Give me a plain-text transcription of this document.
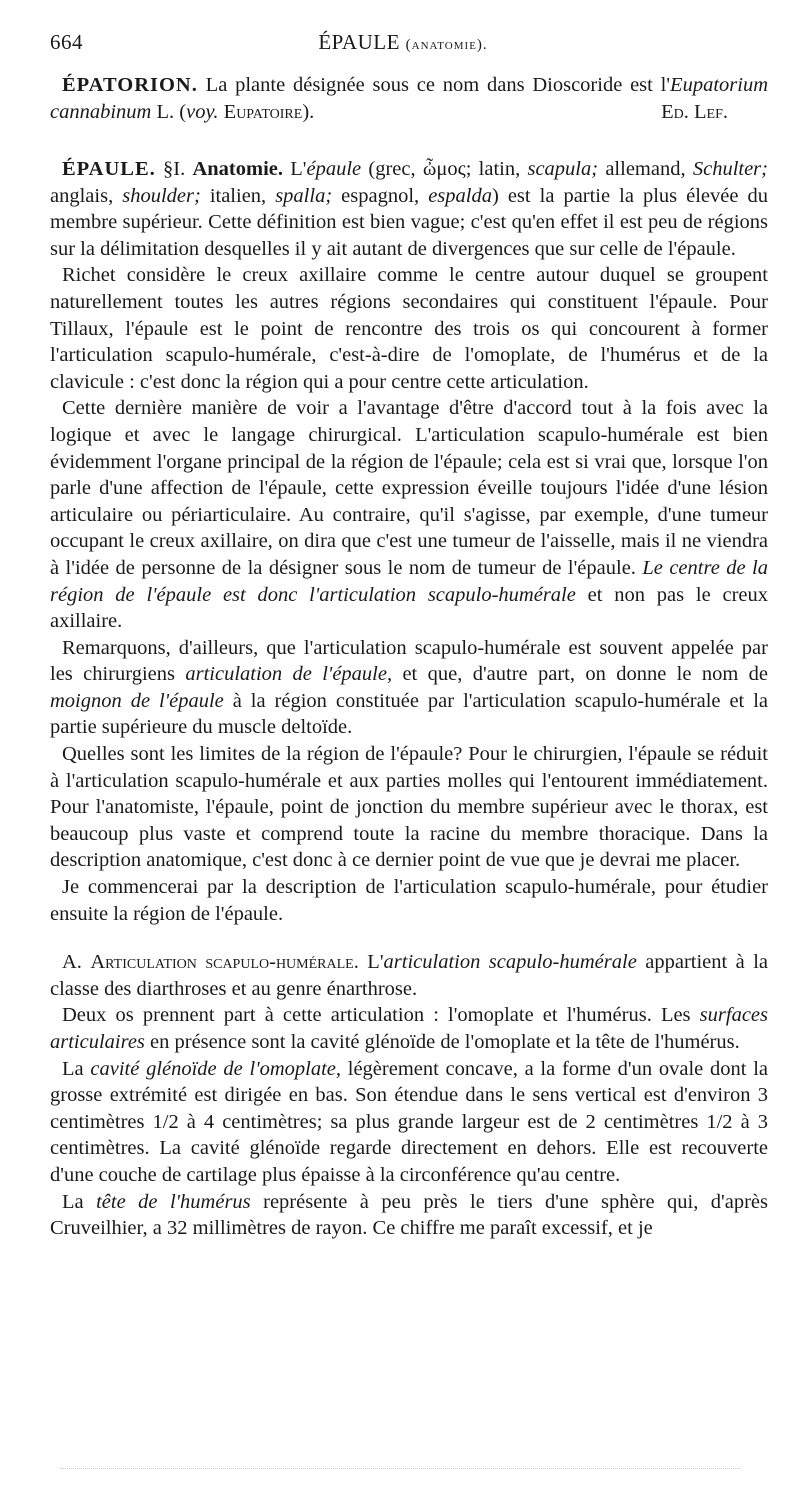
664	ÉPAULE (anatomie).

ÉPATORION. La plante désignée sous ce nom dans Dioscoride est l'Eupatorium cannabinum L. (voy. Eupatoire).	Ed. Lef.

ÉPAULE. §I. Anatomie. L'épaule (grec, ὦμος; latin, scapula; allemand, Schulter; anglais, shoulder; italien, spalla; espagnol, espalda) est la partie la plus élevée du membre supérieur. Cette définition est bien vague; c'est qu'en effet il est peu de régions sur la délimitation desquelles il y ait autant de divergences que sur celle de l'épaule.

Richet considère le creux axillaire comme le centre autour duquel se groupent naturellement toutes les autres régions secondaires qui constituent l'épaule. Pour Tillaux, l'épaule est le point de rencontre des trois os qui concourent à former l'articulation scapulo-humérale, c'est-à-dire de l'omoplate, de l'humérus et de la clavicule : c'est donc la région qui a pour centre cette articulation.

Cette dernière manière de voir a l'avantage d'être d'accord tout à la fois avec la logique et avec le langage chirurgical. L'articulation scapulo-humérale est bien évidemment l'organe principal de la région de l'épaule; cela est si vrai que, lorsque l'on parle d'une affection de l'épaule, cette expression éveille toujours l'idée d'une lésion articulaire ou périarticulaire. Au contraire, qu'il s'agisse, par exemple, d'une tumeur occupant le creux axillaire, on dira que c'est une tumeur de l'aisselle, mais il ne viendra à l'idée de personne de la désigner sous le nom de tumeur de l'épaule. Le centre de la région de l'épaule est donc l'articulation scapulo-humérale et non pas le creux axillaire.

Remarquons, d'ailleurs, que l'articulation scapulo-humérale est souvent appelée par les chirurgiens articulation de l'épaule, et que, d'autre part, on donne le nom de moignon de l'épaule à la région constituée par l'articulation scapulo-humérale et la partie supérieure du muscle deltoïde.

Quelles sont les limites de la région de l'épaule? Pour le chirurgien, l'épaule se réduit à l'articulation scapulo-humérale et aux parties molles qui l'entourent immédiatement. Pour l'anatomiste, l'épaule, point de jonction du membre supérieur avec le thorax, est beaucoup plus vaste et comprend toute la racine du membre thoracique. Dans la description anatomique, c'est donc à ce dernier point de vue que je devrai me placer.

Je commencerai par la description de l'articulation scapulo-humérale, pour étudier ensuite la région de l'épaule.

A. Articulation scapulo-humérale. L'articulation scapulo-humérale appartient à la classe des diarthroses et au genre énarthrose.

Deux os prennent part à cette articulation : l'omoplate et l'humérus. Les surfaces articulaires en présence sont la cavité glénoïde de l'omoplate et la tête de l'humérus.

La cavité glénoïde de l'omoplate, légèrement concave, a la forme d'un ovale dont la grosse extrémité est dirigée en bas. Son étendue dans le sens vertical est d'environ 3 centimètres 1/2 à 4 centimètres; sa plus grande largeur est de 2 centimètres 1/2 à 3 centimètres. La cavité glénoïde regarde directement en dehors. Elle est recouverte d'une couche de cartilage plus épaisse à la circonférence qu'au centre.

La tête de l'humérus représente à peu près le tiers d'une sphère qui, d'après Cruveilhier, a 32 millimètres de rayon. Ce chiffre me paraît excessif, et je
